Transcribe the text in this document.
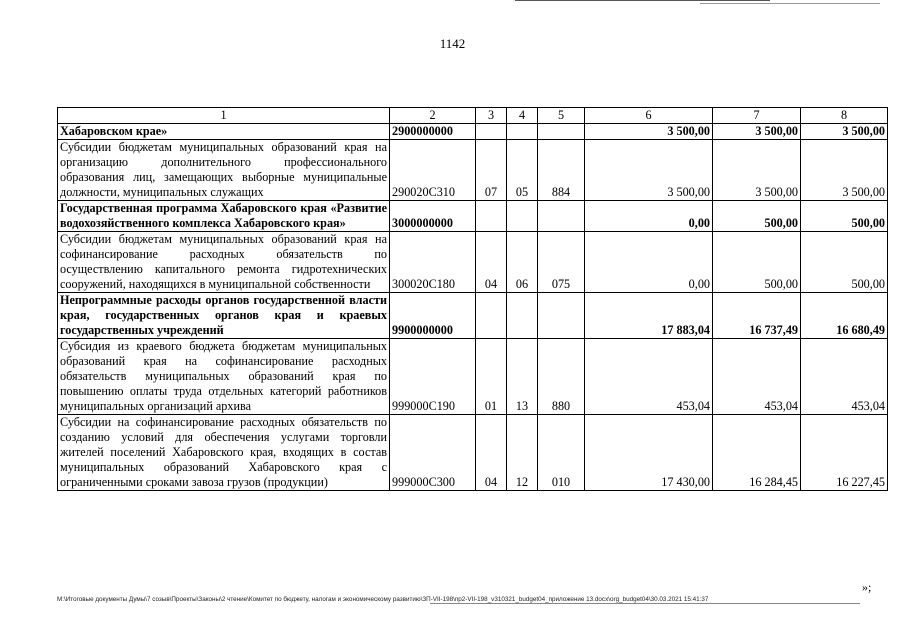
1142
1	2	3	4	5	6	7	8
Хабаровском крае»	2900000000				3 500,00	3 500,00	3 500,00
Субсидии бюджетам муниципальных образований края на организацию дополнительного профессионального образования лиц, замещающих выборные муниципальные должности, муниципальных служащих	290020С310	07	05	884	3 500,00	3 500,00	3 500,00
Государственная программа Хабаровского края «Развитие водохозяйственного комплекса Хабаровского края»	3000000000				0,00	500,00	500,00
Субсидии бюджетам муниципальных образований края на софинансирование расходных обязательств по осуществлению капитального ремонта гидротехнических сооружений, находящихся в муниципальной собственности	300020С180	04	06	075	0,00	500,00	500,00
Непрограммные расходы органов государственной власти края, государственных органов края и краевых государственных учреждений	9900000000				17 883,04	16 737,49	16 680,49
Субсидия из краевого бюджета бюджетам муниципальных образований края на софинансирование расходных обязательств муниципальных образований края по повышению оплаты труда отдельных категорий работников муниципальных организаций архива	999000С190	01	13	880	453,04	453,04	453,04
Субсидии на софинансирование расходных обязательств по созданию условий для обеспечения услугами торговли жителей поселений Хабаровского края, входящих в состав муниципальных образований Хабаровского края с ограниченными сроками завоза грузов (продукции)	999000С300	04	12	010	17 430,00	16 284,45	16 227,45
»;
M:\Итоговые документы Думы\7 созыв\Проекты\Законы\2 чтение\Комитет по бюджету, налогам и экономическому развитию\ЗП-VII-198\пр2-VII-198_v310321_budget04_приложение 13.docx\org_budget04\30.03.2021 15:41:37
